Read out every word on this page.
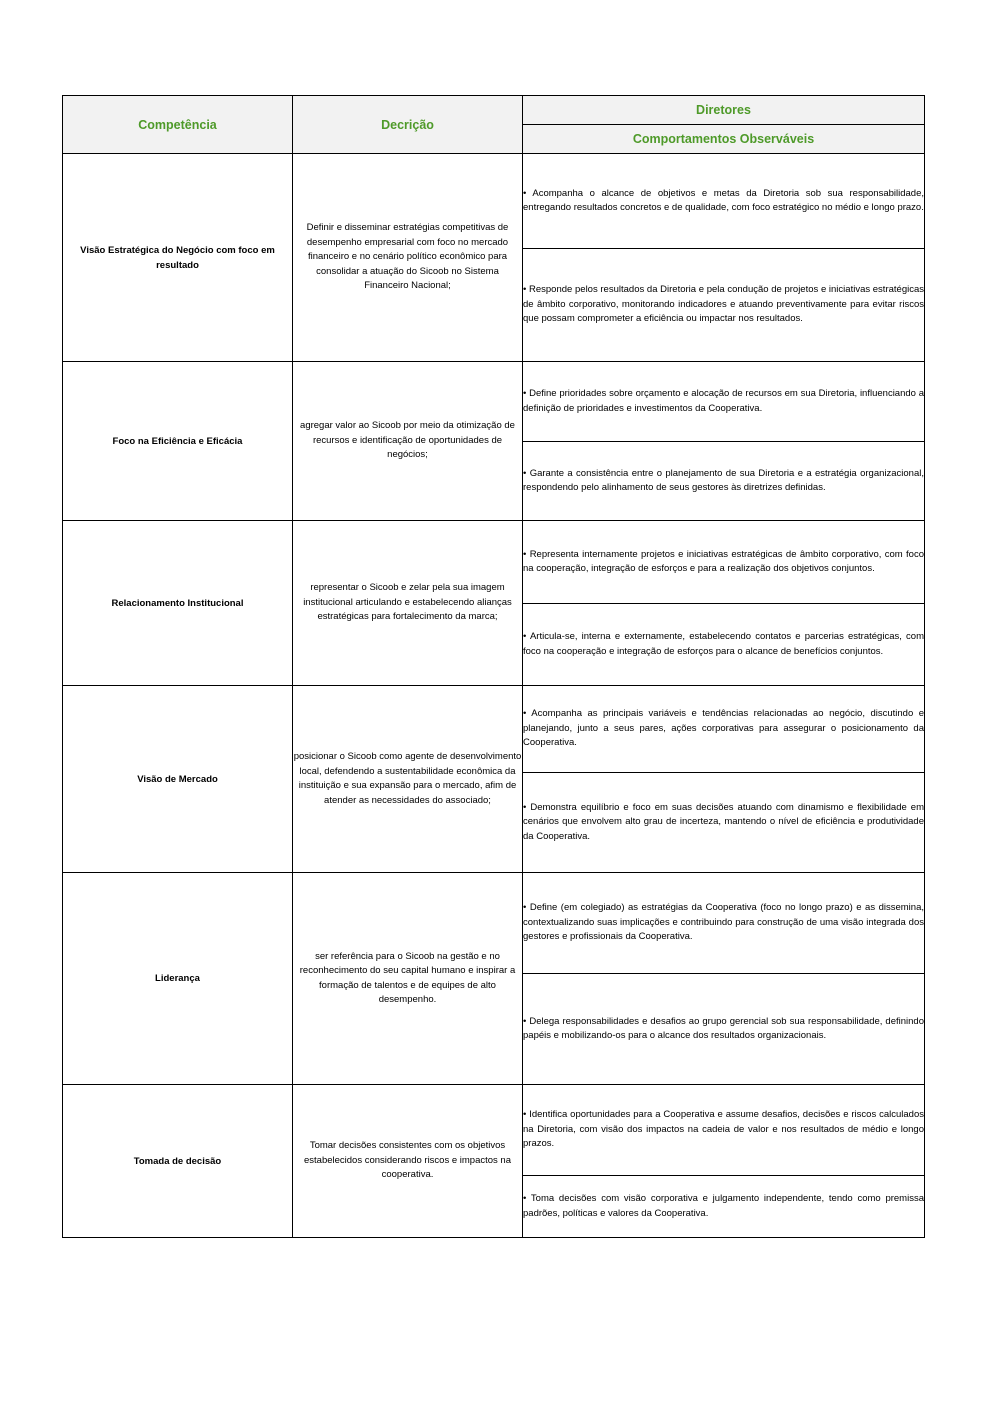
Competência	Decrição	Diretores
		Comportamentos Observáveis
Visão Estratégica do Negócio com foco em resultado	Definir e disseminar estratégias competitivas de desempenho empresarial com foco no mercado financeiro e no cenário político econômico para consolidar a atuação do Sicoob no Sistema Financeiro Nacional;	• Acompanha o alcance de objetivos e metas da Diretoria sob sua responsabilidade, entregando resultados concretos e de qualidade, com foco estratégico no médio e longo prazo.
		• Responde pelos resultados da Diretoria e pela condução de projetos e iniciativas estratégicas de âmbito corporativo, monitorando indicadores e atuando preventivamente para evitar riscos que possam comprometer a eficiência ou impactar nos resultados.
Foco na Eficiência e Eficácia	agregar valor ao Sicoob por meio da otimização de recursos e identificação de oportunidades de negócios;	• Define prioridades sobre orçamento e alocação de recursos em sua Diretoria, influenciando a definição de prioridades e investimentos da Cooperativa.
		• Garante a consistência entre o planejamento de sua Diretoria e a estratégia organizacional, respondendo pelo alinhamento de seus gestores às diretrizes definidas.
Relacionamento Institucional	representar o Sicoob e zelar pela sua imagem institucional articulando e estabelecendo alianças estratégicas para fortalecimento da marca;	• Representa internamente projetos e iniciativas estratégicas de âmbito corporativo, com foco na cooperação, integração de esforços e para a realização dos objetivos conjuntos.
		• Articula-se, interna e externamente, estabelecendo contatos e parcerias estratégicas, com foco na cooperação e integração de esforços para o alcance de benefícios conjuntos.
Visão de Mercado	posicionar o Sicoob como agente de desenvolvimento local, defendendo a sustentabilidade econômica da instituição e sua expansão para o mercado, afim de atender as necessidades do associado;	• Acompanha as principais variáveis e tendências relacionadas ao negócio, discutindo e planejando, junto a seus pares, ações corporativas para assegurar o posicionamento da Cooperativa.
		• Demonstra equilíbrio e foco em suas decisões atuando com dinamismo e flexibilidade em cenários que envolvem alto grau de incerteza, mantendo o nível de eficiência e produtividade da Cooperativa.
Liderança	ser referência para o Sicoob na gestão e no reconhecimento do seu capital humano e inspirar a formação de talentos e de equipes de alto desempenho.	• Define (em colegiado) as estratégias da Cooperativa (foco no longo prazo) e as dissemina, contextualizando suas implicações e contribuindo para construção de uma visão integrada dos gestores e profissionais da Cooperativa.
		• Delega responsabilidades e desafios ao grupo gerencial sob sua responsabilidade, definindo papéis e mobilizando-os para o alcance dos resultados organizacionais.
Tomada de decisão	Tomar decisões consistentes com os objetivos estabelecidos considerando riscos e impactos na cooperativa.	• Identifica oportunidades para a Cooperativa e assume desafios, decisões e riscos calculados na Diretoria, com visão dos impactos na cadeia de valor e nos resultados de médio e longo prazos.
		• Toma decisões com visão corporativa e julgamento independente, tendo como premissa padrões, políticas e valores da Cooperativa.
